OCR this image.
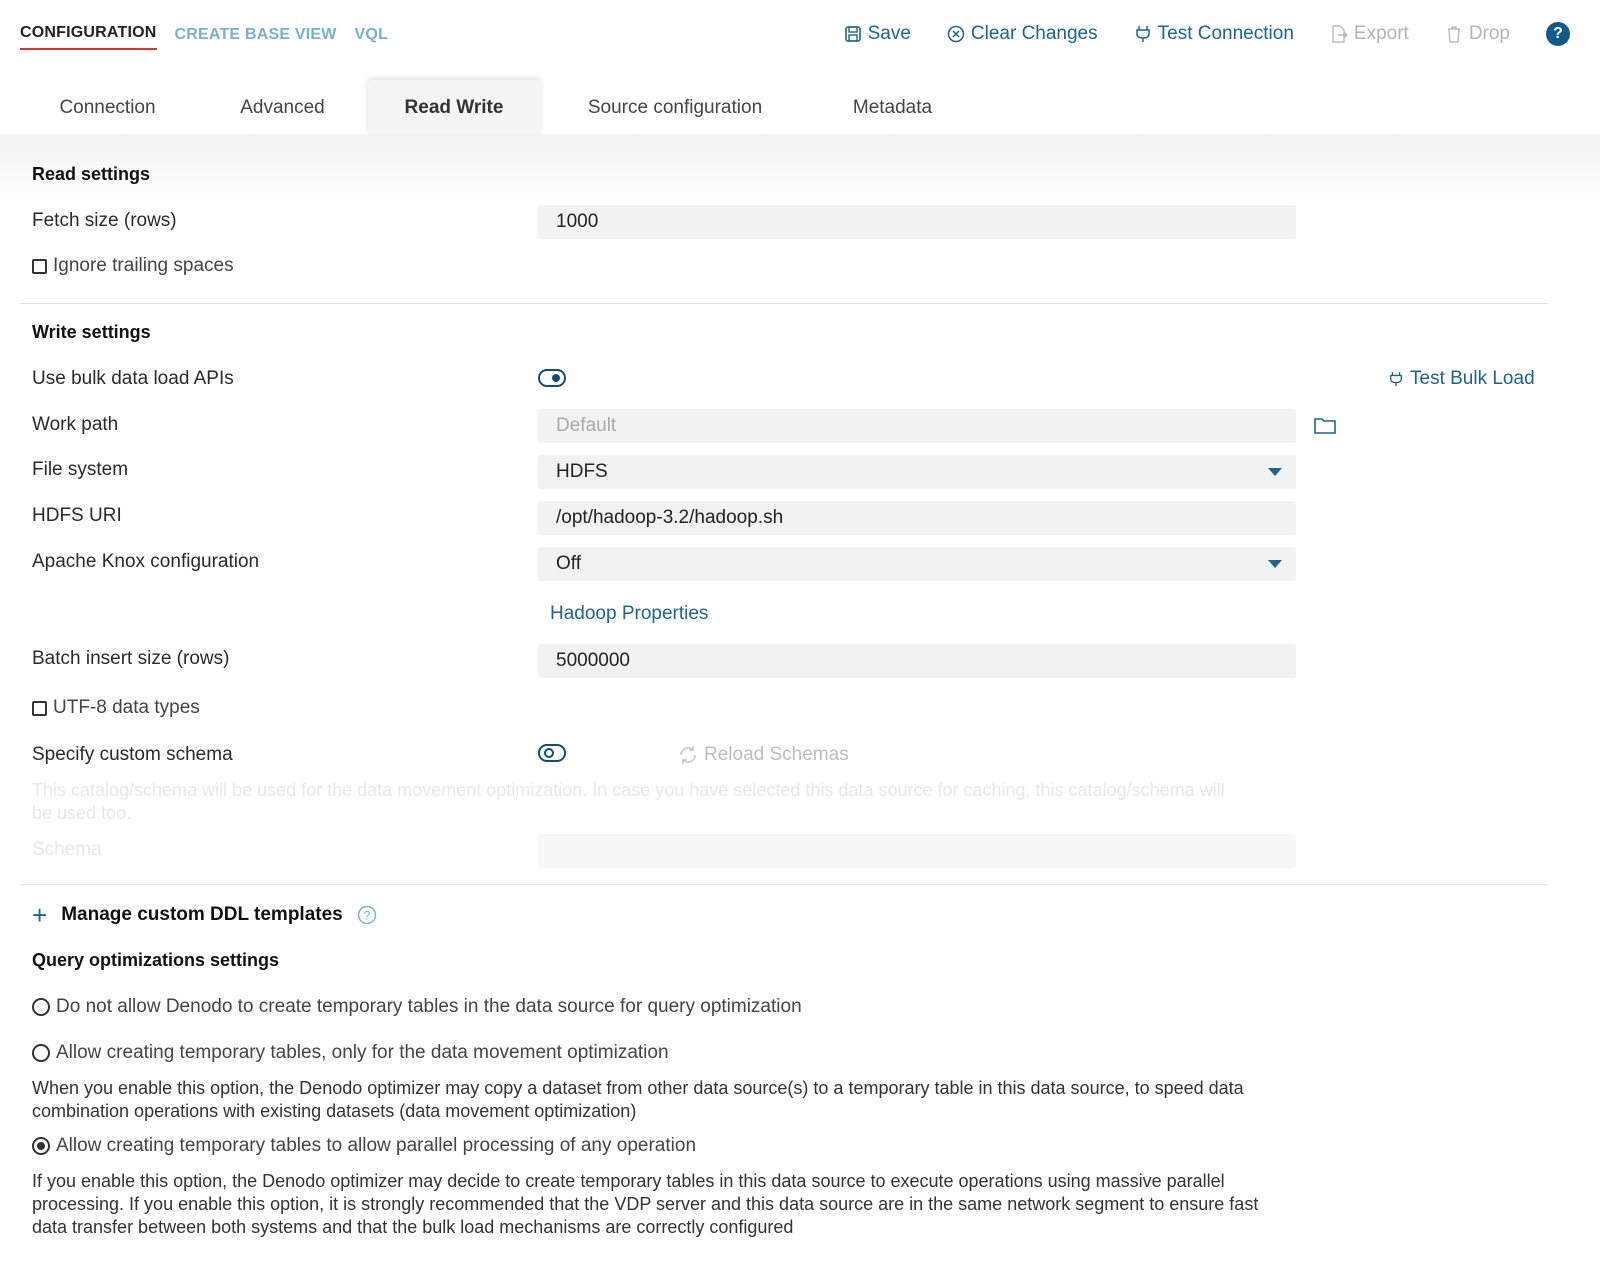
CONFIGURATION CREATE BASE VIEW VQL	Save	Clear Changes	Test Connection	Export	Drop	?
Connection	Advanced	Read Write	Source configuration	Metadata
Read settings
Fetch size (rows)	1000
Ignore trailing spaces
Write settings
Use bulk data load APIs	Test Bulk Load
Work path	Default
File system	HDFS
HDFS URI	/opt/hadoop-3.2/hadoop.sh
Apache Knox configuration	Off
Hadoop Properties
Batch insert size (rows)	5000000
UTF-8 data types
Specify custom schema	Reload Schemas
This catalog/schema will be used for the data movement optimization. In case you have selected this data source for caching, this catalog/schema will be used too.
Schema
+ Manage custom DDL templates ?
Query optimizations settings
Do not allow Denodo to create temporary tables in the data source for query optimization
Allow creating temporary tables, only for the data movement optimization
When you enable this option, the Denodo optimizer may copy a dataset from other data source(s) to a temporary table in this data source, to speed data combination operations with existing datasets (data movement optimization)
Allow creating temporary tables to allow parallel processing of any operation
If you enable this option, the Denodo optimizer may decide to create temporary tables in this data source to execute operations using massive parallel processing. If you enable this option, it is strongly recommended that the VDP server and this data source are in the same network segment to ensure fast data transfer between both systems and that the bulk load mechanisms are correctly configured
